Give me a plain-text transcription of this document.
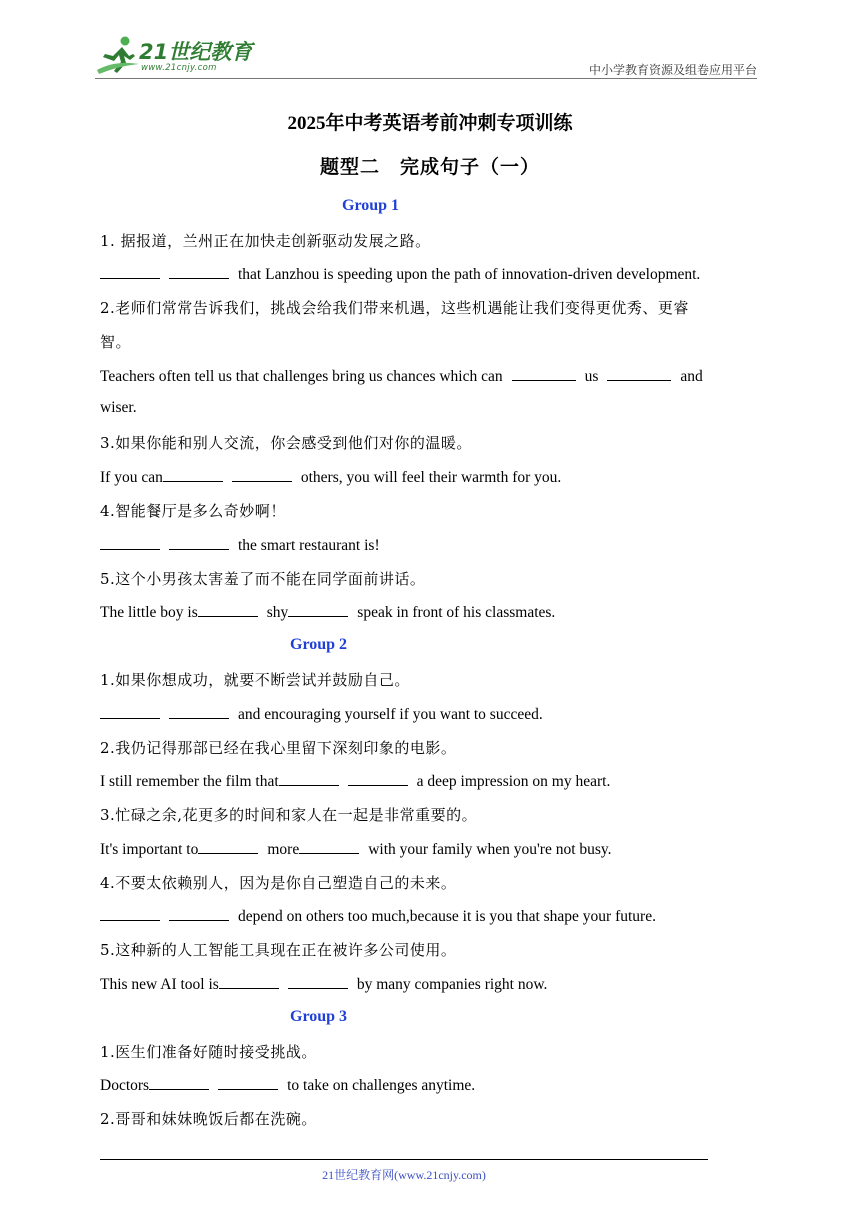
21世纪教育
www.21cnjy.com	中小学教育资源及组卷应用平台
2025年中考英语考前冲刺专项训练
题型二　完成句子（一）
Group 1
1. 据报道，兰州正在加快走创新驱动发展之路。
that Lanzhou is speeding upon the path of innovation-driven development.
2.老师们常常告诉我们，挑战会给我们带来机遇，这些机遇能让我们变得更优秀、更睿
智。
Teachers often tell us that challenges bring us chances which can	us	and
wiser.
3.如果你能和别人交流，你会感受到他们对你的温暖。
If you can	others, you will feel their warmth for you.
4.智能餐厅是多么奇妙啊！
the smart restaurant is!
5.这个小男孩太害羞了而不能在同学面前讲话。
The little boy is	shy	speak in front of his classmates.
Group 2
1.如果你想成功，就要不断尝试并鼓励自己。
and encouraging yourself if you want to succeed.
2.我仍记得那部已经在我心里留下深刻印象的电影。
I still remember the film that	a deep impression on my heart.
3.忙碌之余,花更多的时间和家人在一起是非常重要的。
It's important to	more	with your family when you're not busy.
4.不要太依赖别人，因为是你自己塑造自己的未来。
depend on others too much,because it is you that shape your future.
5.这种新的人工智能工具现在正在被许多公司使用。
This new AI tool is	by many companies right now.
Group 3
1.医生们准备好随时接受挑战。
Doctors	to take on challenges anytime.
2.哥哥和妹妹晚饭后都在洗碗。
21世纪教育网(www.21cnjy.com)
